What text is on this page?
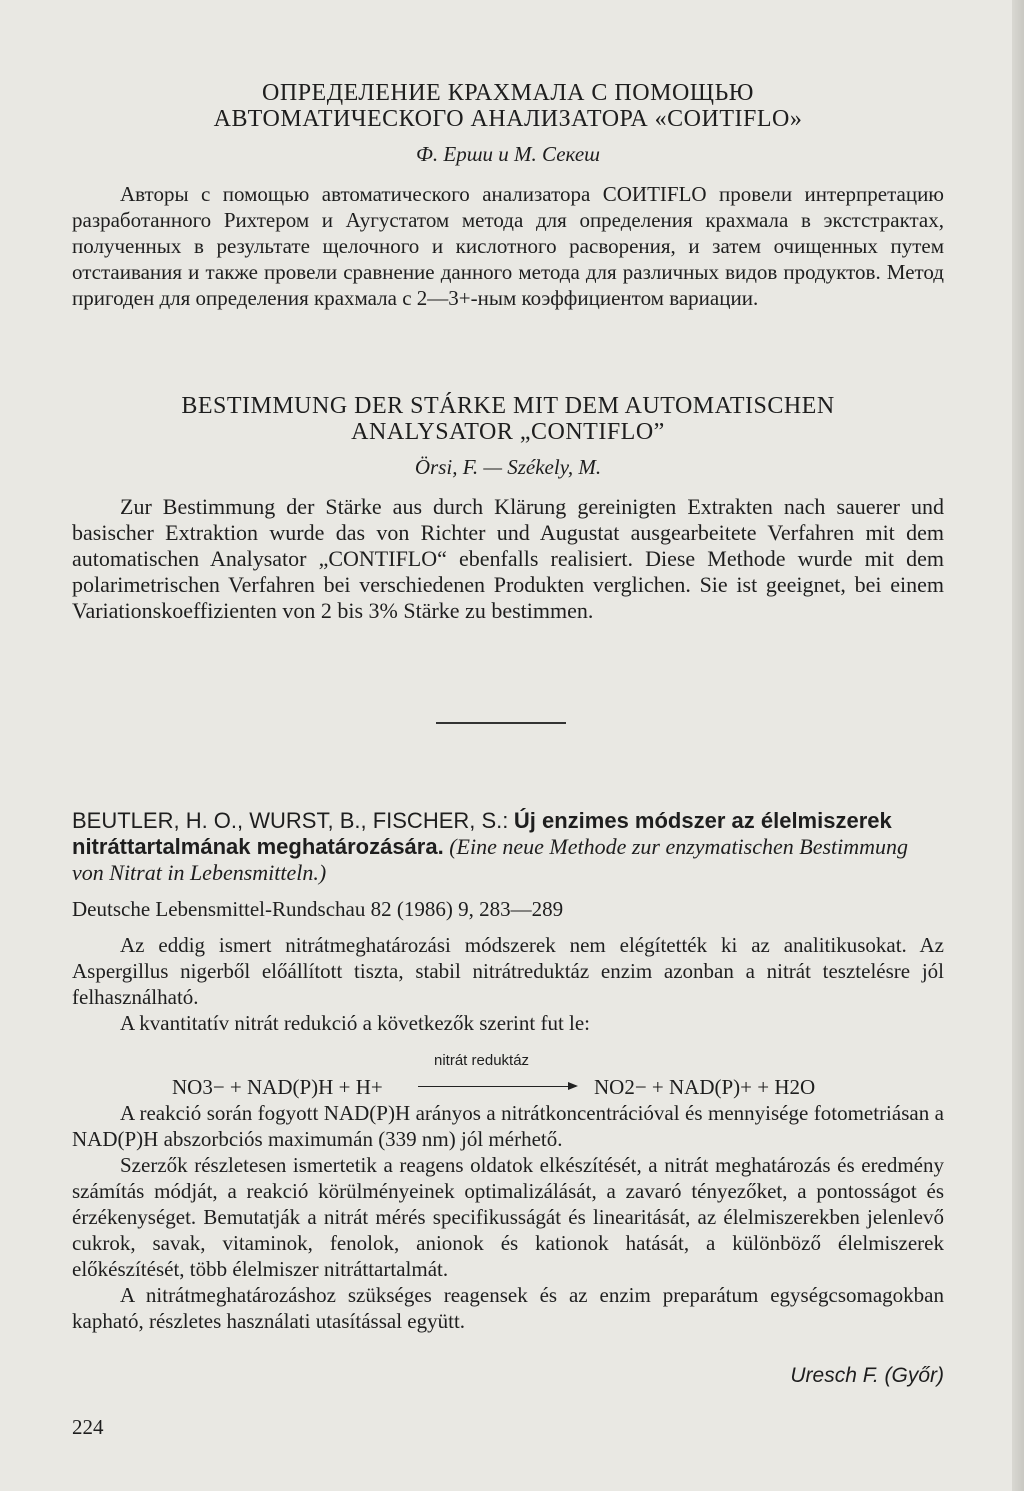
ОПРЕДЕЛЕНИЕ КРАХМАЛА С ПОМОЩЬЮ

АВТОМАТИЧЕСКОГО АНАЛИЗАТОРА «COИTIFLO»

Ф. Ерши и М. Секеш

Авторы с помощью автоматического анализатора COИTIFLO провели интерпретацию разработанного Рихтером и Аугустатом метода для определения крахмала в экстстрактах, полученных в результате щелочного и кислотного расворения, и затем очищенных путем отстаивания и также провели сравнение данного метода для различных видов продуктов. Метод пригоден для определения крахмала с 2—3+-ным коэффициентом вариации.

BESTIMMUNG DER STÁRKE MIT DEM AUTOMATISCHEN

ANALYSATOR „CONTIFLO”

Örsi, F. — Székely, M.

Zur Bestimmung der Stärke aus durch Klärung gereinigten Extrakten nach sauerer und basischer Extraktion wurde das von Richter und Augustat ausgearbeitete Verfahren mit dem automatischen Analysator „CONTIFLO“ ebenfalls realisiert. Diese Methode wurde mit dem polarimetrischen Verfahren bei verschiedenen Produkten verglichen. Sie ist geeignet, bei einem Variationskoeffizienten von 2 bis 3% Stärke zu bestimmen.

BEUTLER, H. O., WURST, B., FISCHER, S.: Új enzimes módszer az élelmiszerek nitráttartalmának meghatározására. (Eine neue Methode zur enzymatischen Bestimmung von Nitrat in Lebensmitteln.)
Deutsche Lebensmittel-Rundschau 82 (1986) 9, 283—289

Az eddig ismert nitrátmeghatározási módszerek nem elégítették ki az analitikusokat. Az Aspergillus nigerből előállított tiszta, stabil nitrátreduktáz enzim azonban a nitrát tesztelésre jól felhasználható.

A kvantitatív nitrát redukció a következők szerint fut le:

nitrát reduktáz
NO3− + NAD(P)H + H+	NO2− + NAD(P)+ + H2O

A reakció során fogyott NAD(P)H arányos a nitrátkoncentrációval és mennyisége fotometriásan a NAD(P)H abszorbciós maximumán (339 nm) jól mérhető.

Szerzők részletesen ismertetik a reagens oldatok elkészítését, a nitrát meghatározás és eredmény számítás módját, a reakció körülményeinek optimalizálását, a zavaró tényezőket, a pontosságot és érzékenységet. Bemutatják a nitrát mérés specifikusságát és linearitását, az élelmiszerekben jelenlevő cukrok, savak, vitaminok, fenolok, anionok és kationok hatását, a különböző élelmiszerek előkészítését, több élelmiszer nitráttartalmát.

A nitrátmeghatározáshoz szükséges reagensek és az enzim preparátum egységcsomagokban kapható, részletes használati utasítással együtt.

Uresch F. (Győr)
224
